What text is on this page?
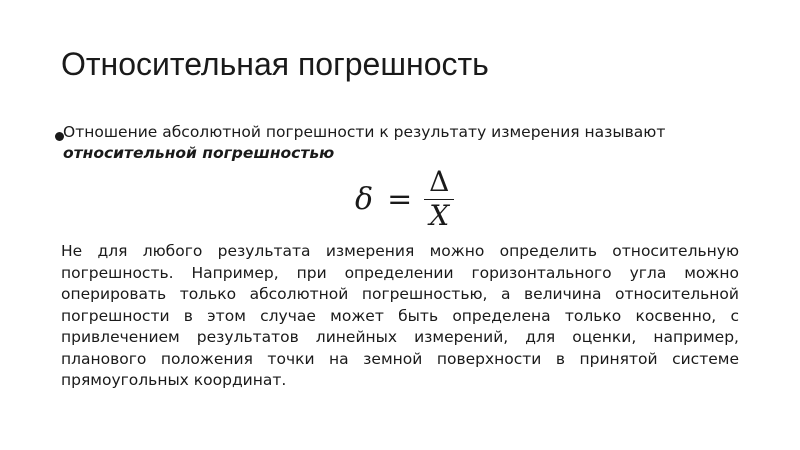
Относительная погрешность
Отношение абсолютной погрешности к результату измерения называют относительной погрешностью
$\delta = \frac{\Delta}{X}$
Не для любого результата измерения можно определить относительную погрешность. Например, при определении горизонтального угла можно оперировать только абсолютной погрешностью, а величина относительной погрешности в этом случае может быть определена только косвенно, с привлечением результатов линейных измерений, для оценки, например, планового положения точки на земной поверхности в принятой системе прямоугольных координат.
